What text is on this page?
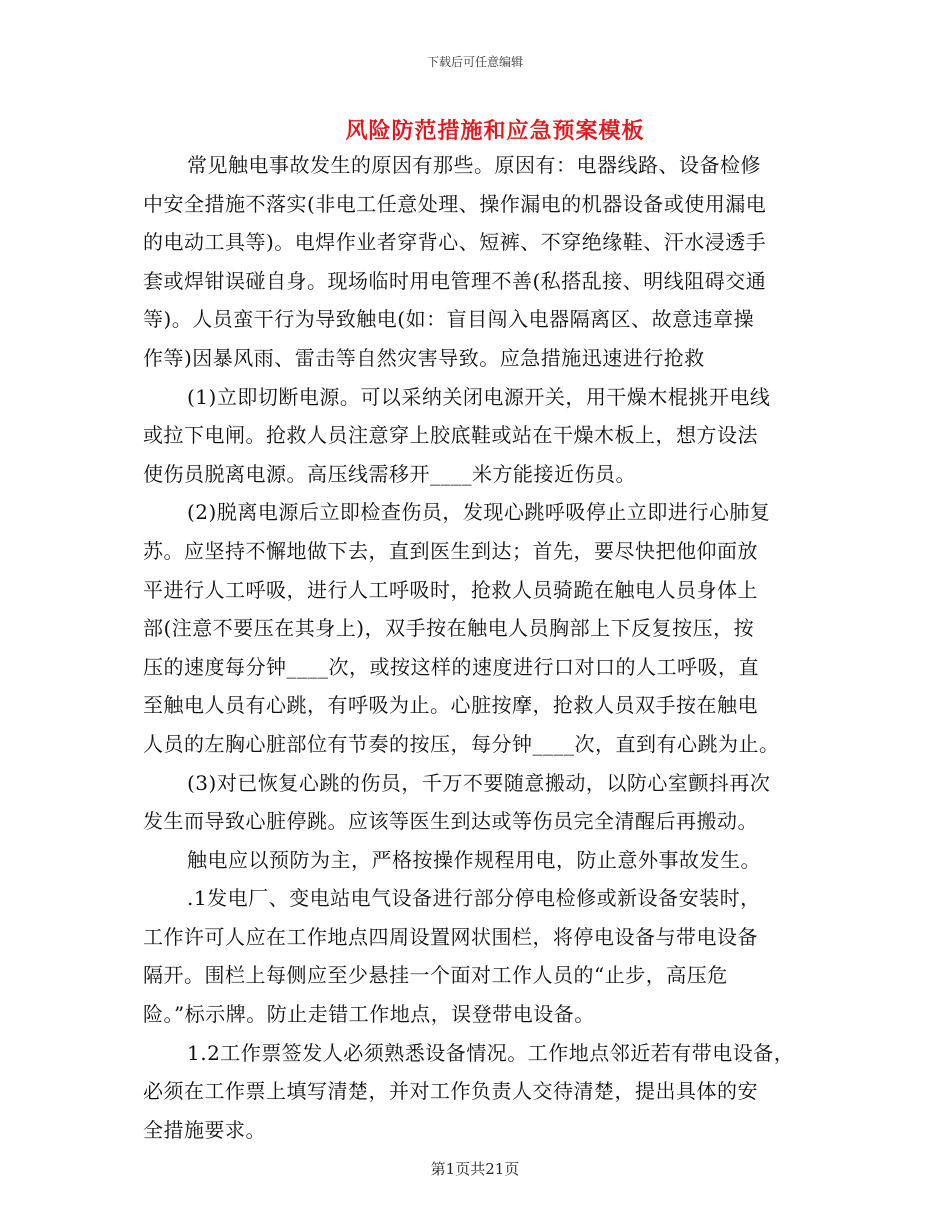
下载后可任意编辑
风险防范措施和应急预案模板
常见触电事故发生的原因有那些。原因有：电器线路、设备检修
中安全措施不落实(非电工任意处理、操作漏电的机器设备或使用漏电
的电动工具等)。电焊作业者穿背心、短裤、不穿绝缘鞋、汗水浸透手
套或焊钳误碰自身。现场临时用电管理不善(私搭乱接、明线阻碍交通
等)。人员蛮干行为导致触电(如：盲目闯入电器隔离区、故意违章操
作等)因暴风雨、雷击等自然灾害导致。应急措施迅速进行抢救
(1)立即切断电源。可以采纳关闭电源开关，用干燥木棍挑开电线
或拉下电闸。抢救人员注意穿上胶底鞋或站在干燥木板上，想方设法
使伤员脱离电源。高压线需移开____米方能接近伤员。
(2)脱离电源后立即检查伤员，发现心跳呼吸停止立即进行心肺复
苏。应坚持不懈地做下去，直到医生到达；首先，要尽快把他仰面放
平进行人工呼吸，进行人工呼吸时，抢救人员骑跪在触电人员身体上
部(注意不要压在其身上)，双手按在触电人员胸部上下反复按压，按
压的速度每分钟____次，或按这样的速度进行口对口的人工呼吸，直
至触电人员有心跳，有呼吸为止。心脏按摩，抢救人员双手按在触电
人员的左胸心脏部位有节奏的按压，每分钟____次，直到有心跳为止。
(3)对已恢复心跳的伤员，千万不要随意搬动，以防心室颤抖再次
发生而导致心脏停跳。应该等医生到达或等伤员完全清醒后再搬动。
触电应以预防为主，严格按操作规程用电，防止意外事故发生。
.1发电厂、变电站电气设备进行部分停电检修或新设备安装时，
工作许可人应在工作地点四周设置网状围栏，将停电设备与带电设备
隔开。围栏上每侧应至少悬挂一个面对工作人员的“止步，高压危
险。”标示牌。防止走错工作地点，误登带电设备。
1.2工作票签发人必须熟悉设备情况。工作地点邻近若有带电设备，
必须在工作票上填写清楚，并对工作负责人交待清楚，提出具体的安
全措施要求。
第1页共21页
